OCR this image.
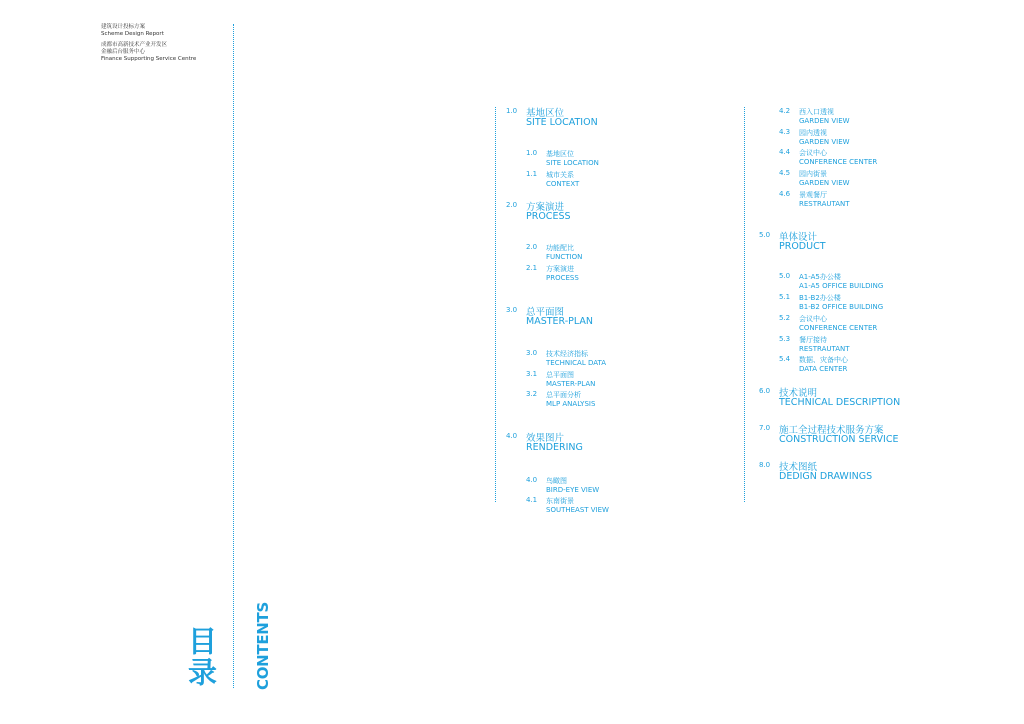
建筑设计投标方案
Scheme Design Report
成都市高新技术产业开发区
金融后台服务中心
Finance Supporting Service Centre
目录 CONTENTS
1.0 基地区位
SITE LOCATION
1.0 基地区位
SITE LOCATION
1.1 城市关系
CONTEXT
2.0 方案演进
PROCESS
2.0 功能配比
FUNCTION
2.1 方案演进
PROCESS
3.0 总平面图
MASTER-PLAN
3.0 技术经济指标
TECHNICAL DATA
3.1 总平面图
MASTER-PLAN
3.2 总平面分析
MLP ANALYSIS
4.0 效果图片
RENDERING
4.0 鸟瞰图
BIRD-EYE VIEW
4.1 东南街景
SOUTHEAST VIEW
4.2 西入口透视
GARDEN VIEW
4.3 园内透视
GARDEN VIEW
4.4 会议中心
CONFERENCE CENTER
4.5 园内街景
GARDEN VIEW
4.6 景观餐厅
RESTRAUTANT
5.0 单体设计
PRODUCT
5.0 A1-A5办公楼
A1-A5 OFFICE BUILDING
5.1 B1-B2办公楼
B1-B2 OFFICE BUILDING
5.2 会议中心
CONFERENCE CENTER
5.3 餐厅接待
RESTRAUTANT
5.4 数据、灾备中心
DATA CENTER
6.0 技术说明
TECHNICAL DESCRIPTION
7.0 施工全过程技术服务方案
CONSTRUCTION SERVICE
8.0 技术图纸
DEDIGN DRAWINGS
